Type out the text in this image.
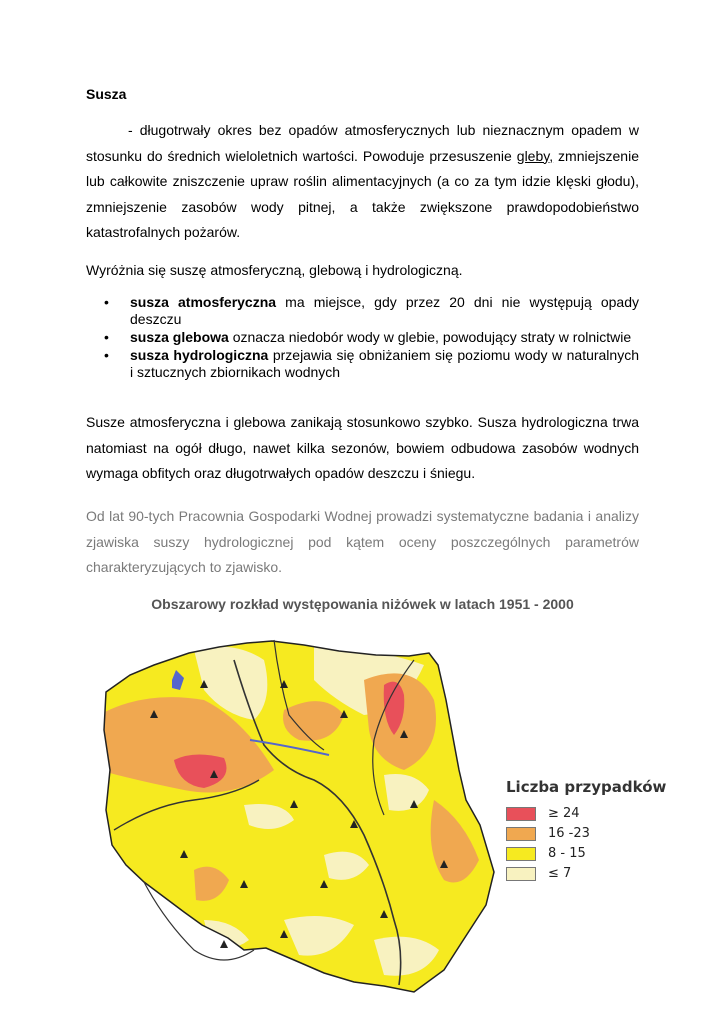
Susza
- długotrwały okres bez opadów atmosferycznych lub nieznacznym opadem w stosunku do średnich wieloletnich wartości. Powoduje przesuszenie gleby, zmniejszenie lub całkowite zniszczenie upraw roślin alimentacyjnych (a co za tym idzie klęski głodu), zmniejszenie zasobów wody pitnej, a także zwiększone prawdopodobieństwo katastrofalnych pożarów.
Wyróżnia się suszę atmosferyczną, glebową i hydrologiczną.
• susza atmosferyczna ma miejsce, gdy przez 20 dni nie występują opady deszczu
• susza glebowa oznacza niedobór wody w glebie, powodujący straty w rolnictwie
• susza hydrologiczna przejawia się obniżaniem się poziomu wody w naturalnych i sztucznych zbiornikach wodnych
Susze atmosferyczna i glebowa zanikają stosunkowo szybko. Susza hydrologiczna trwa natomiast na ogół długo, nawet kilka sezonów, bowiem odbudowa zasobów wodnych wymaga obfitych oraz długotrwałych opadów deszczu i śniegu.
Od lat 90-tych Pracownia Gospodarki Wodnej prowadzi systematyczne badania i analizy zjawiska suszy hydrologicznej pod kątem oceny poszczególnych parametrów charakteryzujących to zjawisko.
Obszarowy rozkład występowania niżówek w latach 1951 - 2000
Liczba przypadków
≥ 24
16 -23
8 - 15
≤ 7
